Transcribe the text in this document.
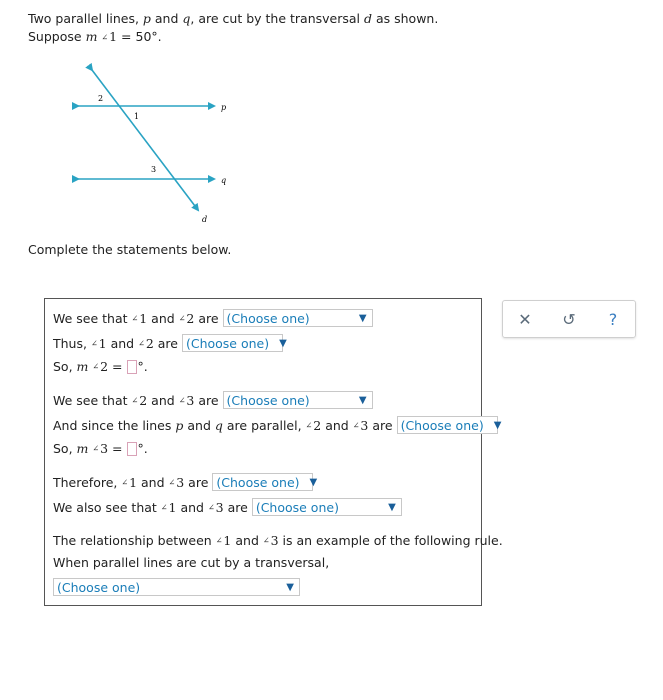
Two parallel lines, p and q, are cut by the transversal d as shown.
Suppose m ∠1 = 50°.
2
1
3
p
q
d
Complete the statements below.
We see that
∠ 1
and
∠ 2
are (Choose one)	▼
Thus,
∠ 1
and
∠ 2
are (Choose one) ▼
So,
m
∠ 2
= °.
We see that
∠ 2
and
∠ 3
are (Choose one)	▼
And since the lines
p
and
q
are parallel,
∠ 2
and
∠ 3
are (Choose one) ▼
So,
m
∠ 3
= °.
Therefore,
∠ 1
and
∠ 3
are (Choose one) ▼
We also see that
∠ 1
and
∠ 3
are (Choose one)	▼
The relationship between
∠ 1
and
∠ 3
is an example of the following rule.
When parallel lines are cut by a transversal,
(Choose one)	▼
✕	↺	?
